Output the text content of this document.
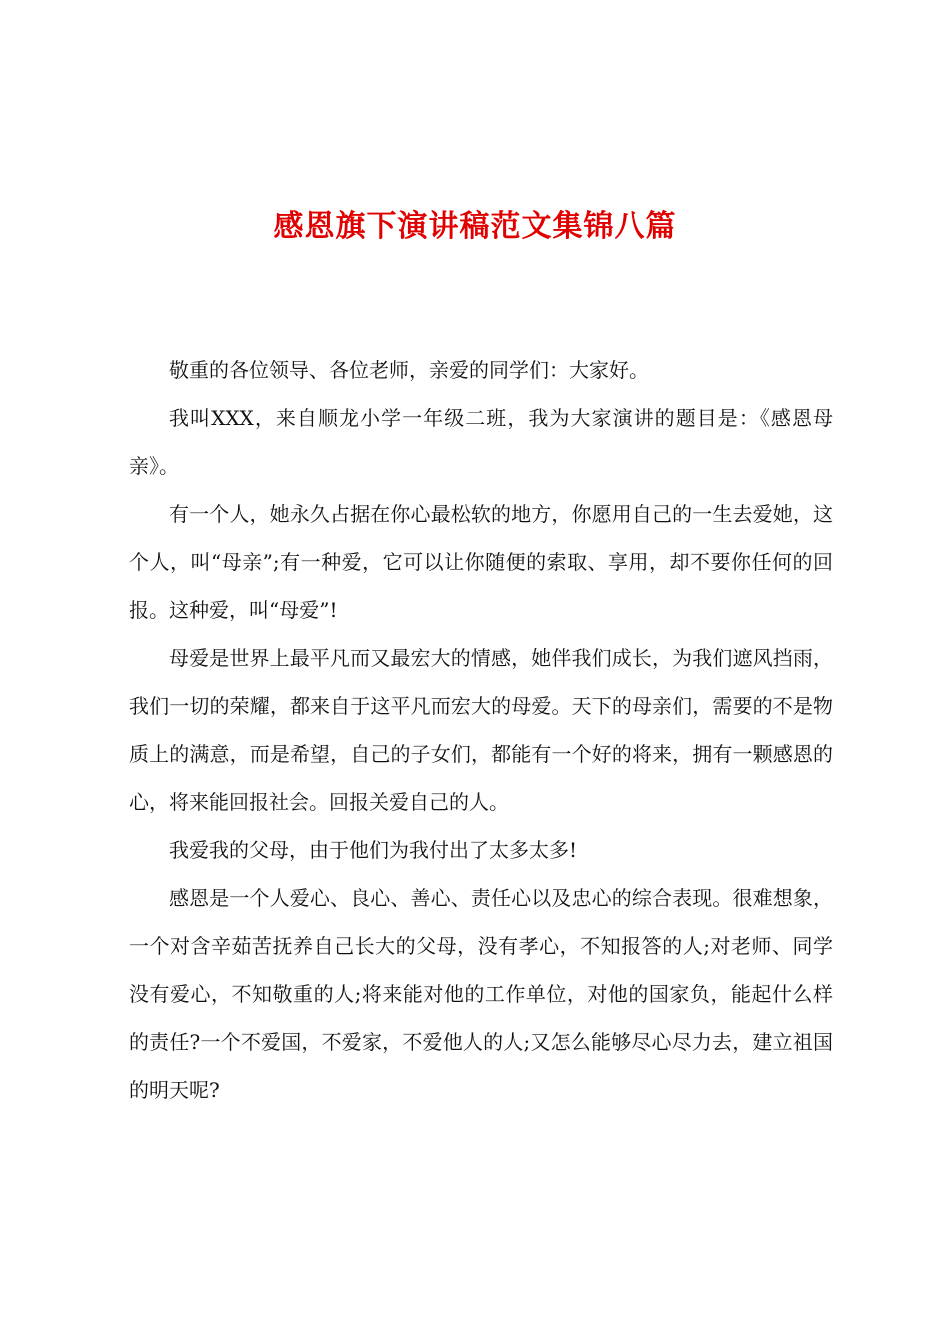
感恩旗下演讲稿范文集锦八篇

敬重的各位领导、各位老师，亲爱的同学们：大家好。

我叫XXX，来自顺龙小学一年级二班，我为大家演讲的题目是：《感恩母亲》。

有一个人，她永久占据在你心最松软的地方，你愿用自己的一生去爱她，这个人，叫“母亲”;有一种爱，它可以让你随便的索取、享用，却不要你任何的回报。这种爱，叫“母爱”!

母爱是世界上最平凡而又最宏大的情感，她伴我们成长，为我们遮风挡雨，我们一切的荣耀，都来自于这平凡而宏大的母爱。天下的母亲们，需要的不是物质上的满意，而是希望，自己的子女们，都能有一个好的将来，拥有一颗感恩的心，将来能回报社会。回报关爱自己的人。

我爱我的父母，由于他们为我付出了太多太多!

感恩是一个人爱心、良心、善心、责任心以及忠心的综合表现。很难想象，一个对含辛茹苦抚养自己长大的父母，没有孝心，不知报答的人;对老师、同学没有爱心，不知敬重的人;将来能对他的工作单位，对他的国家负，能起什么样的责任?一个不爱国，不爱家，不爱他人的人;又怎么能够尽心尽力去，建立祖国的明天呢?
